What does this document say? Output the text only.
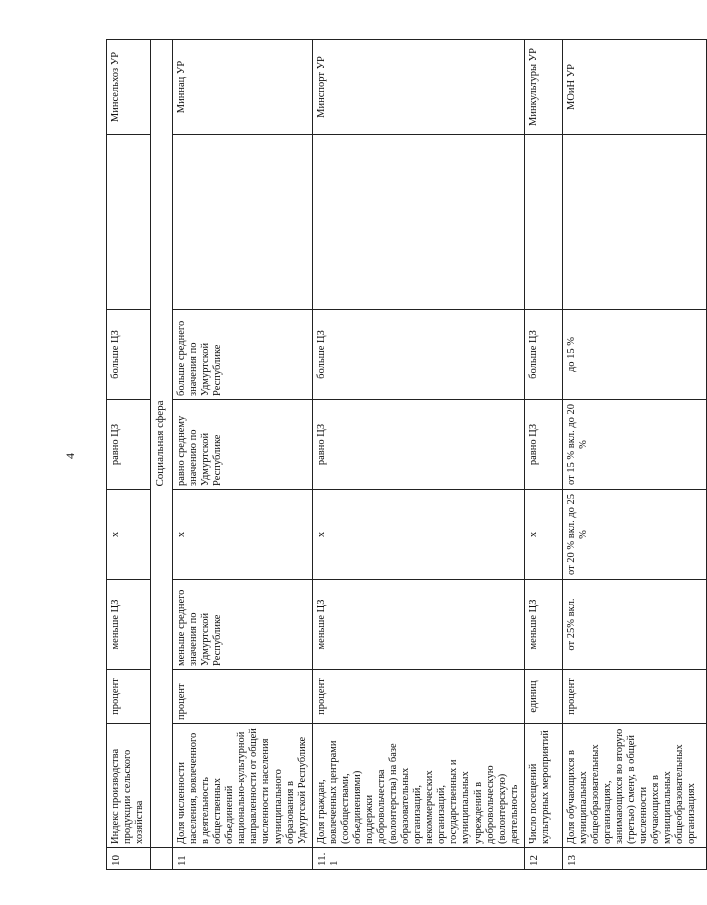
4
10	Индекс производства продукции сельского хозяйства	процент	меньше ЦЗ	х	равно ЦЗ	больше ЦЗ		Минсельхоз УР
	Социальная сфера							
11	Доля численности населения, вовлеченного в деятельность общественных объединений национально-культурной направленности от общей численности населения муниципального образования в Удмуртской Республике	процент	меньше среднего значения по Удмуртской Республике	х	равно среднему значению по Удмуртской Республике	больше среднего значения по Удмуртской Республике		Миннац УР
11.1	Доля граждан, вовлеченных центрами (сообществами, объединениями) поддержки добровольчества (волонтерства) на базе образовательных организаций, некоммерческих организаций, государственных и муниципальных учреждений в добровольческую (волонтерскую) деятельность	процент	меньше ЦЗ	х	равно ЦЗ	больше ЦЗ		Минспорт УР
12	Число посещений культурных мероприятий	единиц	меньше ЦЗ	х	равно ЦЗ	больше ЦЗ		Минкультуры УР
13	Доля обучающихся в муниципальных общеобразовательных организациях, занимающихся во вторую (третью) смену, в общей численности обучающихся в муниципальных общеобразовательных организациях	процент	от 25% вкл.	от 20 % вкл. до 25 %	от 15 % вкл. до 20 %	до 15 %		МОиН УР
